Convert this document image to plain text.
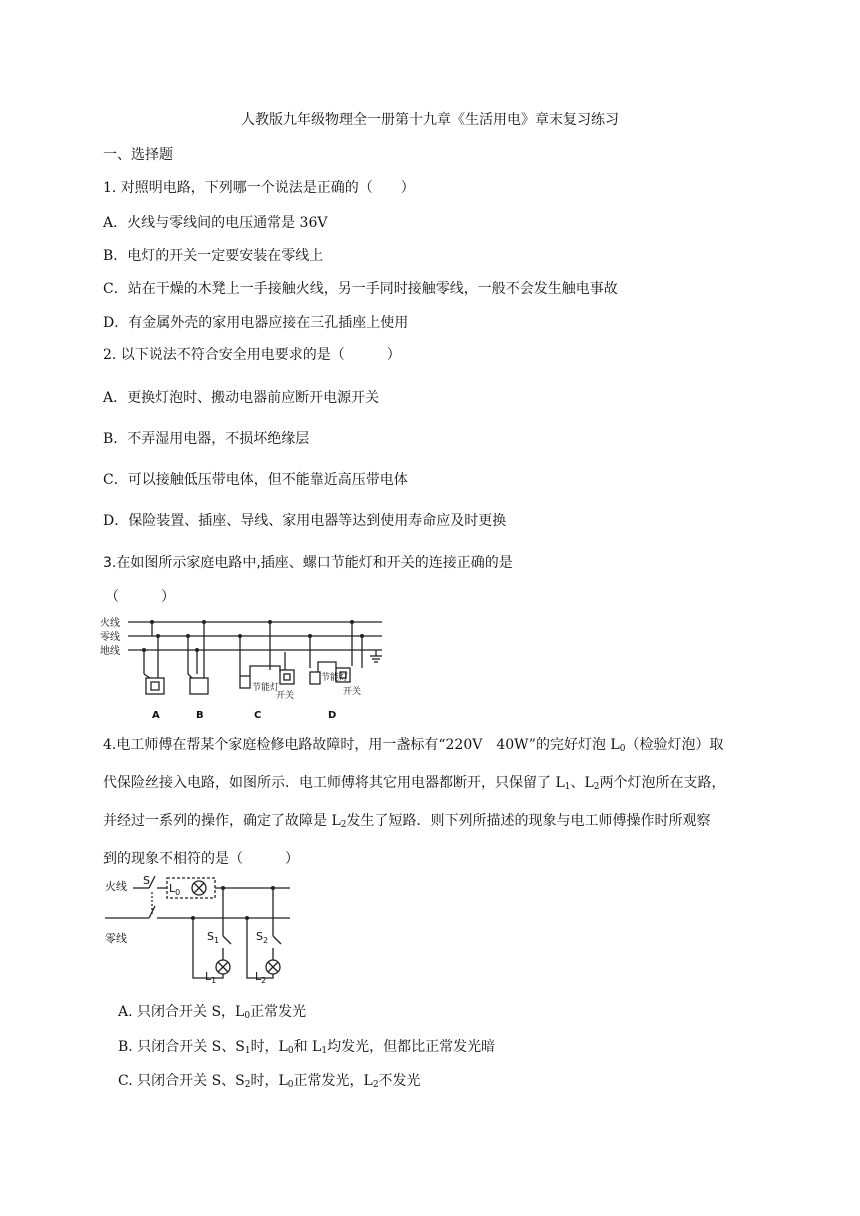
人教版九年级物理全一册第十九章《生活用电》章末复习练习
一、选择题
1. 对照明电路，下列哪一个说法是正确的（　　）
A．火线与零线间的电压通常是 36V
B．电灯的开关一定要安装在零线上
C．站在干燥的木凳上一手接触火线，另一手同时接触零线，一般不会发生触电事故
D．有金属外壳的家用电器应接在三孔插座上使用
2. 以下说法不符合安全用电要求的是（　　　）
A．更换灯泡时、搬动电器前应断开电源开关
B．不弄湿用电器，不损坏绝缘层
C．可以接触低压带电体，但不能靠近高压带电体
D．保险装置、插座、导线、家用电器等达到使用寿命应及时更换
3.在如图所示家庭电路中,插座、螺口节能灯和开关的连接正确的是
（　　　）
火线
零线
地线
节能灯
开关
节能灯
开关
A	B	C	D
4.电工师傅在帮某个家庭检修电路故障时，用一盏标有“220V　40W”的完好灯泡 $L_0$（检验灯泡）取
代保险丝接入电路，如图所示．电工师傅将其它用电器都断开，只保留了 $L_1$、$L_2$两个灯泡所在支路，
并经过一系列的操作，确定了故障是 $L_2$发生了短路．则下列所描述的现象与电工师傅操作时所观察
到的现象不相符的是（　　　）
火线
零线
S
$L_0$
$S_1$	$S_2$
$L_1$	$L_2$
A. 只闭合开关 S，$L_0$正常发光
B. 只闭合开关 S、$S_1$时，$L_0$和 $L_1$均发光，但都比正常发光暗
C. 只闭合开关 S、$S_2$时，$L_0$正常发光，$L_2$不发光
